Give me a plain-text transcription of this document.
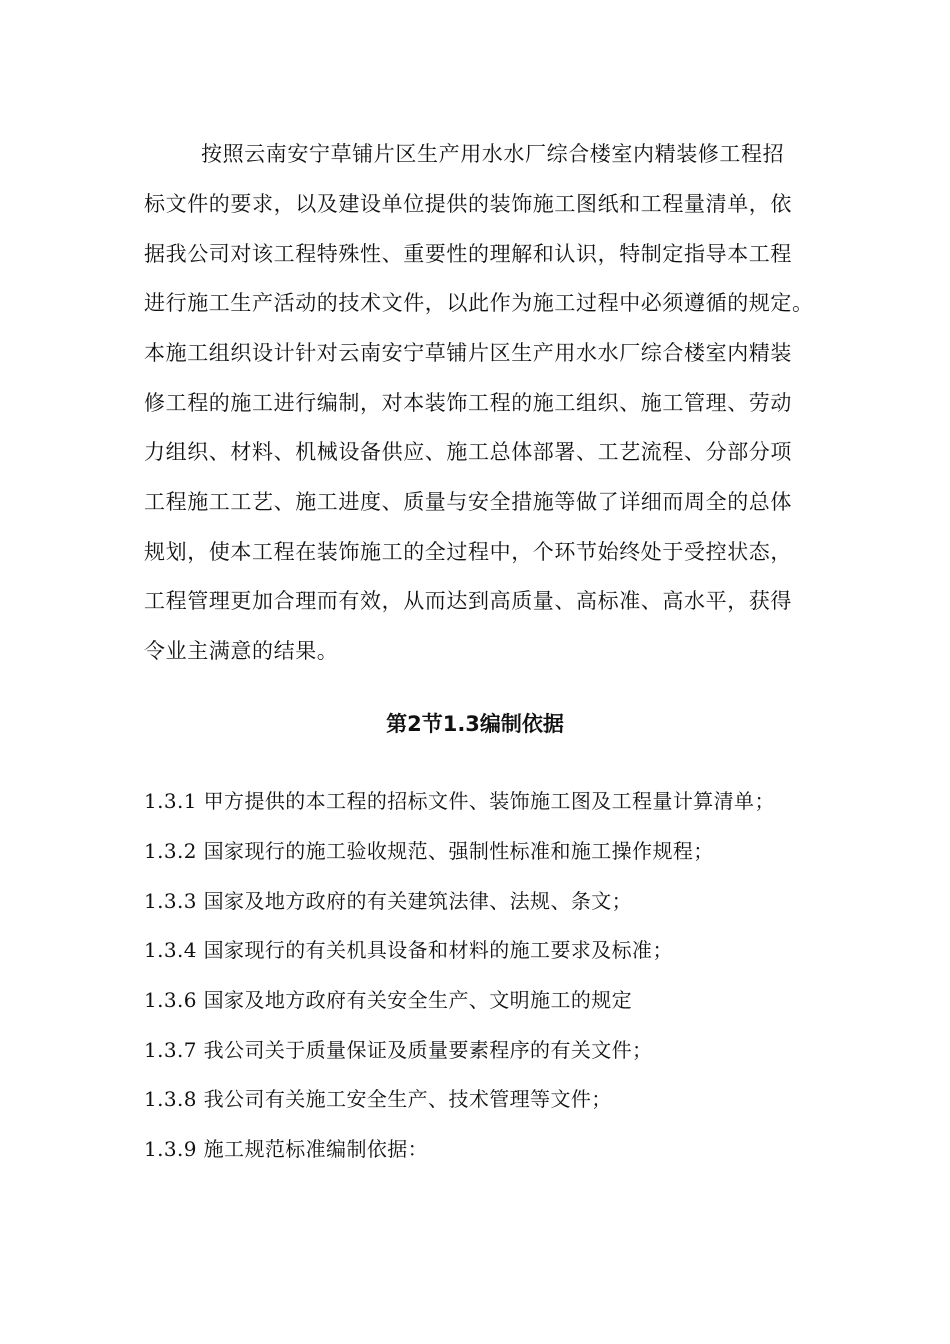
按照云南安宁草铺片区生产用水水厂综合楼室内精装修工程招
标文件的要求，以及建设单位提供的装饰施工图纸和工程量清单，依
据我公司对该工程特殊性、重要性的理解和认识，特制定指导本工程
进行施工生产活动的技术文件，以此作为施工过程中必须遵循的规定。
本施工组织设计针对云南安宁草铺片区生产用水水厂综合楼室内精装
修工程的施工进行编制，对本装饰工程的施工组织、施工管理、劳动
力组织、材料、机械设备供应、施工总体部署、工艺流程、分部分项
工程施工工艺、施工进度、质量与安全措施等做了详细而周全的总体
规划，使本工程在装饰施工的全过程中，个环节始终处于受控状态，
工程管理更加合理而有效，从而达到高质量、高标准、高水平，获得
令业主满意的结果。
第2节1.3编制依据
1.3.1 甲方提供的本工程的招标文件、装饰施工图及工程量计算清单；
1.3.2 国家现行的施工验收规范、强制性标准和施工操作规程；
1.3.3 国家及地方政府的有关建筑法律、法规、条文；
1.3.4 国家现行的有关机具设备和材料的施工要求及标准；
1.3.6 国家及地方政府有关安全生产、文明施工的规定
1.3.7 我公司关于质量保证及质量要素程序的有关文件；
1.3.8 我公司有关施工安全生产、技术管理等文件；
1.3.9 施工规范标准编制依据：
